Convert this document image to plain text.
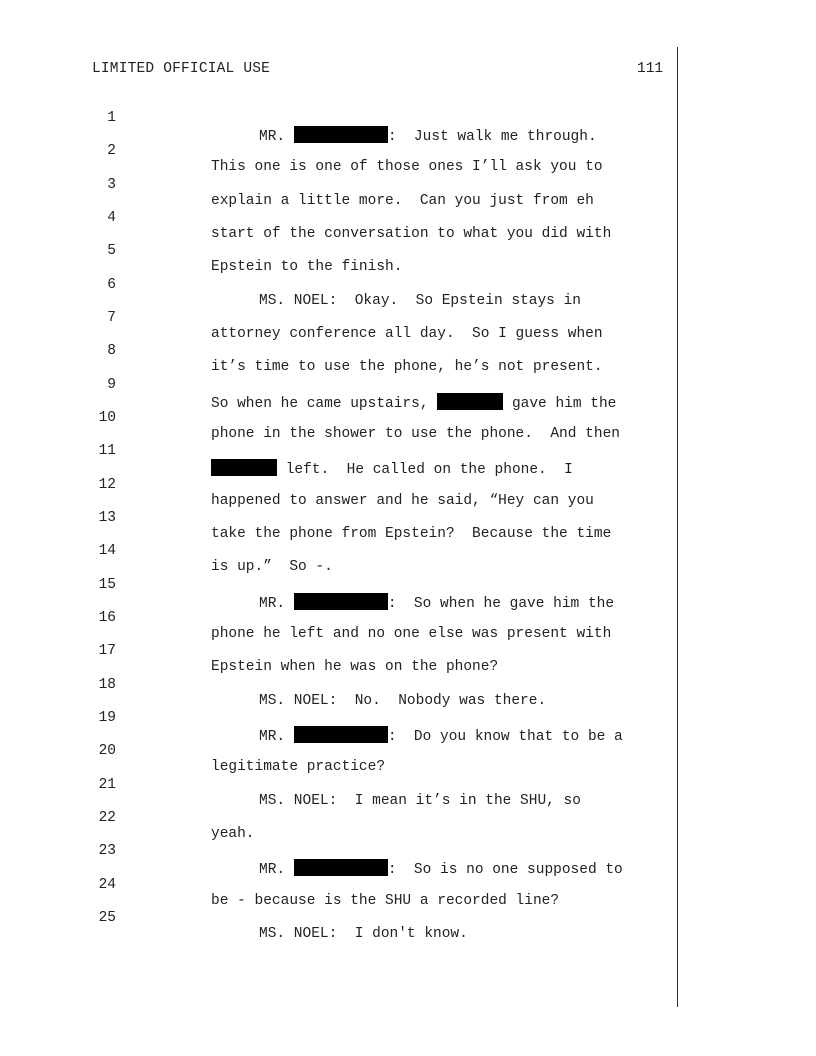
LIMITED OFFICIAL USE	111

1

MR.	:  Just walk me through.

2

This one is one of those ones I’ll ask you to

3

explain a little more.  Can you just from eh

4

start of the conversation to what you did with

5

Epstein to the finish.

6

MS. NOEL:  Okay.  So Epstein stays in

7

attorney conference all day.  So I guess when

8

it’s time to use the phone, he’s not present.

9

So when he came upstairs,	gave him the

10

phone in the shower to use the phone.  And then

11

left.  He called on the phone.  I

12

happened to answer and he said, “Hey can you

13

take the phone from Epstein?  Because the time

14

is up.”  So -.

15

MR.	:  So when he gave him the

16

phone he left and no one else was present with

17

Epstein when he was on the phone?

18

MS. NOEL:  No.  Nobody was there.

19

MR.	:  Do you know that to be a

20

legitimate practice?

21

MS. NOEL:  I mean it’s in the SHU, so

22

yeah.

23

MR.	:  So is no one supposed to

24

be - because is the SHU a recorded line?

25

MS. NOEL:  I don't know.
